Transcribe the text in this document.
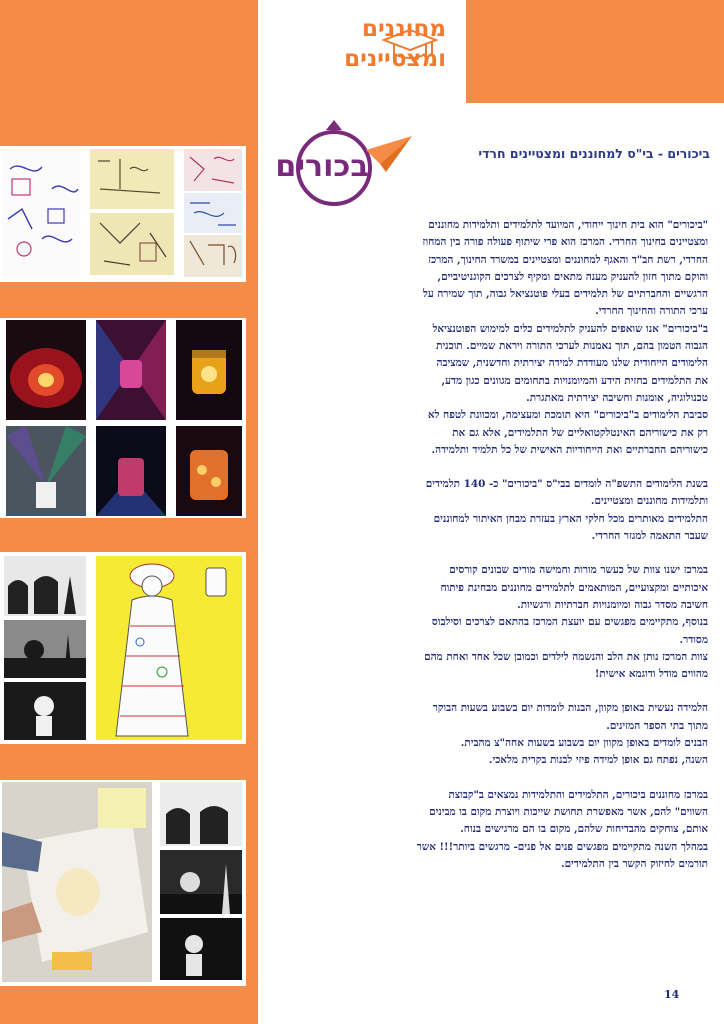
מחוננים
ומצטיינים
בכורים	ביכורים - בי"ס למחוננים ומצטיינים חרדי

"ביכורים" הוא בית חינוך ייחודי, המיועד לתלמידים ותלמידות מחוננים

ומצטיינים בחינוך החרדי. המרכז הוא פרי שיתוף פעולה פורה בין המחוז

החרדי, רשת חב"ד והאגף למחוננים ומצטיינים במשרד החינוך, המרכז

והוקם מתוך חזון להעניק מענה מתאים ומקיף לצרכים הקוגניטיביים,

הרגשיים והחברתיים של תלמידים בעלי פוטנציאל גבוה, תוך שמירה על

ערכי התורה והחינוך החרדי.

ב"ביכורים" אנו שואפים להעניק לתלמידים כלים למימוש הפוטנציאל

הגבוה הטמון בהם, תוך נאמנות לערכי התורה ויראת שמיים. תוכנית

הלימודים הייחודית שלנו מעודדת למידה יצירתית וחדשנית, שמציבה

את התלמידים בחזית הידע והמיומנויות בתחומים מגוונים כגון מדע,

טכנולוגיה, אומנות וחשיבה יצירתית מאתגרת.

סביבת הלימודים ב"ביכורים" היא תומכת ומעצימה, ומכוונת לטפח לא

רק את כישוריהם האינטלקטואליים של התלמידים, אלא גם את

כישוריהם החברתיים ואת הייחודיות האישית של כל תלמיד ותלמידה.

בשנת הלימודים התשפ"ה לומדים בבי"ס "ביכורים" כ- 140 תלמידים

ותלמידות מחוננים ומצטיינים.

התלמידים מאותרים מכל חלקי הארץ בעזרת מבחן האיתור למחוננים

שעבר התאמה למגזר החרדי.

במרכז ישנו צוות של כעשר מורות וחמישה מורים שבונים קורסים

איכותיים ומקצועיים, המותאמים לתלמידים מחוננים מבחינת פיתוח

חשיבה מסדר גבוה ומיומנויות חברתיות ורגשיות.

בנוסף, מתקיימים מפגשים עם יועצת המרכז בהתאם לצרכים וסילבוס

מסודר.

צוות המרכז נותן את הלב והנשמה לילדים וכמובן שכל אחד ואחת מהם

מהווים מודל ודוגמא אישית!

הלמידה נעשית באופן מקוון, הבנות לומדות יום בשבוע בשעות הבוקר

מתוך בתי הספר המזינים.

הבנים לומדים באופן מקוון יום בשבוע בשעות אחה"צ מהבית.

השנה, נפתח גם אופן למידה פיזי לבנות בקרית מלאכי.

במרכז מחוננים ביכורים, התלמידים והתלמידות נמצאים ב"קבוצת

השווים" להם, אשר מאפשרת תחושת שייכות ויוצרת מקום בו מבינים

אותם, צוחקים מהבדיחות שלהם, מקום בו הם מרגישים בנוח.

במהלך השנה מתקיימים מפגשים פנים אל פנים- מרגשים ביותר!!! אשר

תורמים לחיזוק הקשר בין התלמידים.

14
